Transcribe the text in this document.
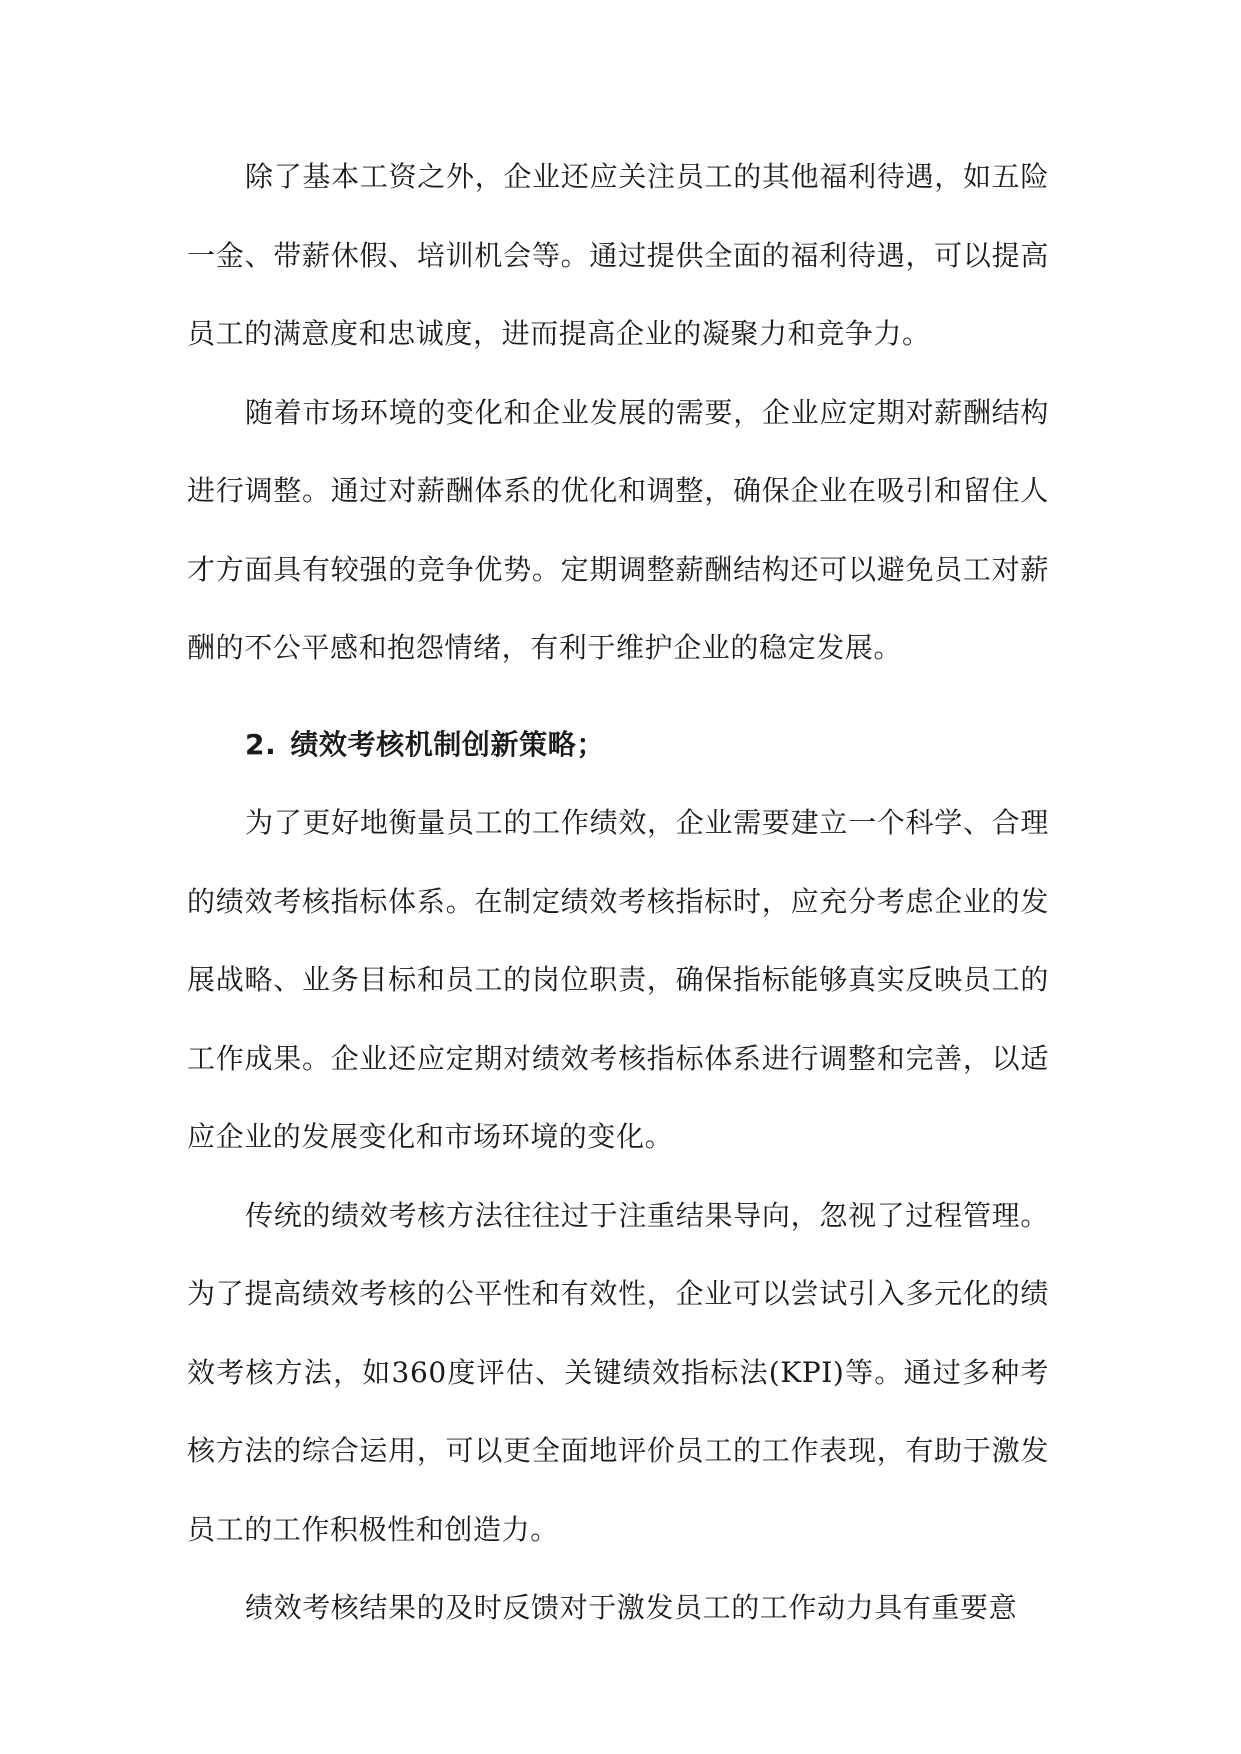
除了基本工资之外，企业还应关注员工的其他福利待遇，如五险一金、带薪休假、培训机会等。通过提供全面的福利待遇，可以提高员工的满意度和忠诚度，进而提高企业的凝聚力和竞争力。

随着市场环境的变化和企业发展的需要，企业应定期对薪酬结构进行调整。通过对薪酬体系的优化和调整，确保企业在吸引和留住人才方面具有较强的竞争优势。定期调整薪酬结构还可以避免员工对薪酬的不公平感和抱怨情绪，有利于维护企业的稳定发展。

2. 绩效考核机制创新策略；

为了更好地衡量员工的工作绩效，企业需要建立一个科学、合理的绩效考核指标体系。在制定绩效考核指标时，应充分考虑企业的发展战略、业务目标和员工的岗位职责，确保指标能够真实反映员工的工作成果。企业还应定期对绩效考核指标体系进行调整和完善，以适应企业的发展变化和市场环境的变化。

传统的绩效考核方法往往过于注重结果导向，忽视了过程管理。为了提高绩效考核的公平性和有效性，企业可以尝试引入多元化的绩效考核方法，如360度评估、关键绩效指标法(KPI)等。通过多种考核方法的综合运用，可以更全面地评价员工的工作表现，有助于激发员工的工作积极性和创造力。

绩效考核结果的及时反馈对于激发员工的工作动力具有重要意
